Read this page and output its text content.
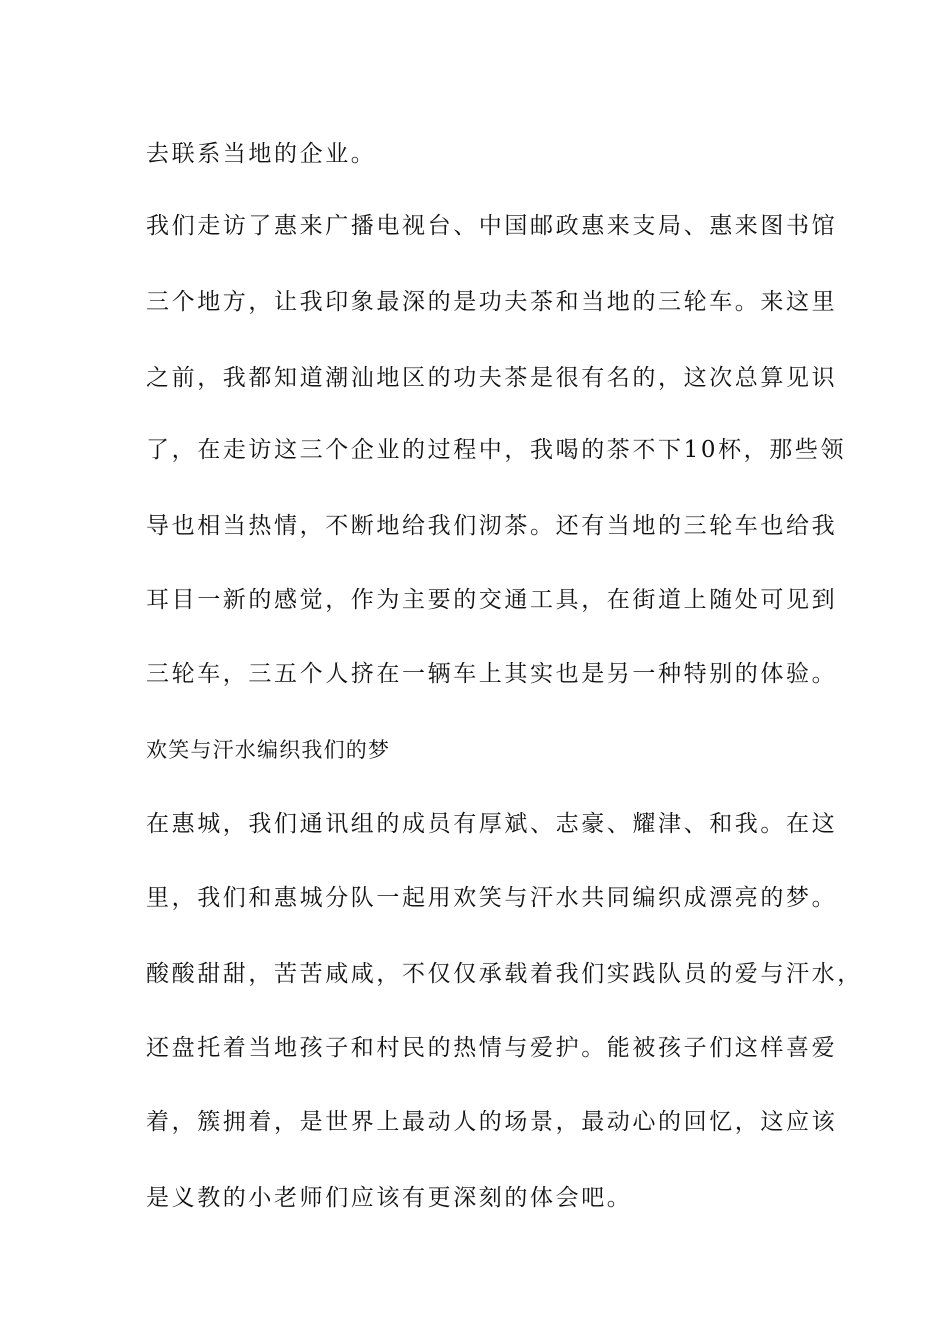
去联系当地的企业。
我们走访了惠来广播电视台、中国邮政惠来支局、惠来图书馆
三个地方，让我印象最深的是功夫茶和当地的三轮车。来这里
之前，我都知道潮汕地区的功夫茶是很有名的，这次总算见识
了，在走访这三个企业的过程中，我喝的茶不下10杯，那些领
导也相当热情，不断地给我们沏茶。还有当地的三轮车也给我
耳目一新的感觉，作为主要的交通工具，在街道上随处可见到
三轮车，三五个人挤在一辆车上其实也是另一种特别的体验。
欢笑与汗水编织我们的梦
在惠城，我们通讯组的成员有厚斌、志豪、耀津、和我。在这
里，我们和惠城分队一起用欢笑与汗水共同编织成漂亮的梦。
酸酸甜甜，苦苦咸咸，不仅仅承载着我们实践队员的爱与汗水，
还盘托着当地孩子和村民的热情与爱护。能被孩子们这样喜爱
着，簇拥着，是世界上最动人的场景，最动心的回忆，这应该
是义教的小老师们应该有更深刻的体会吧。
